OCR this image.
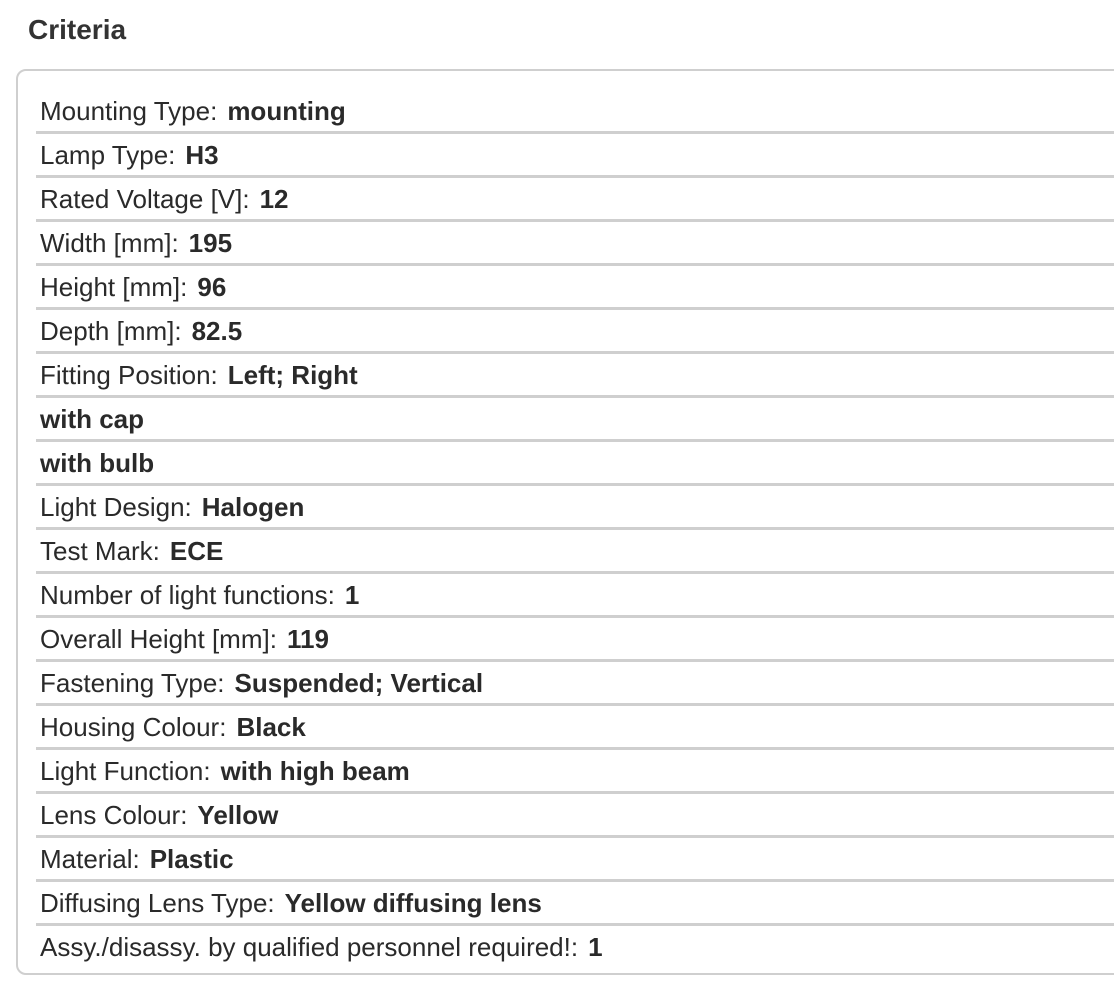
Criteria
Mounting Type: mounting
Lamp Type: H3
Rated Voltage [V]: 12
Width [mm]: 195
Height [mm]: 96
Depth [mm]: 82.5
Fitting Position: Left; Right
with cap
with bulb
Light Design: Halogen
Test Mark: ECE
Number of light functions: 1
Overall Height [mm]: 119
Fastening Type: Suspended; Vertical
Housing Colour: Black
Light Function: with high beam
Lens Colour: Yellow
Material: Plastic
Diffusing Lens Type: Yellow diffusing lens
Assy./disassy. by qualified personnel required!: 1
